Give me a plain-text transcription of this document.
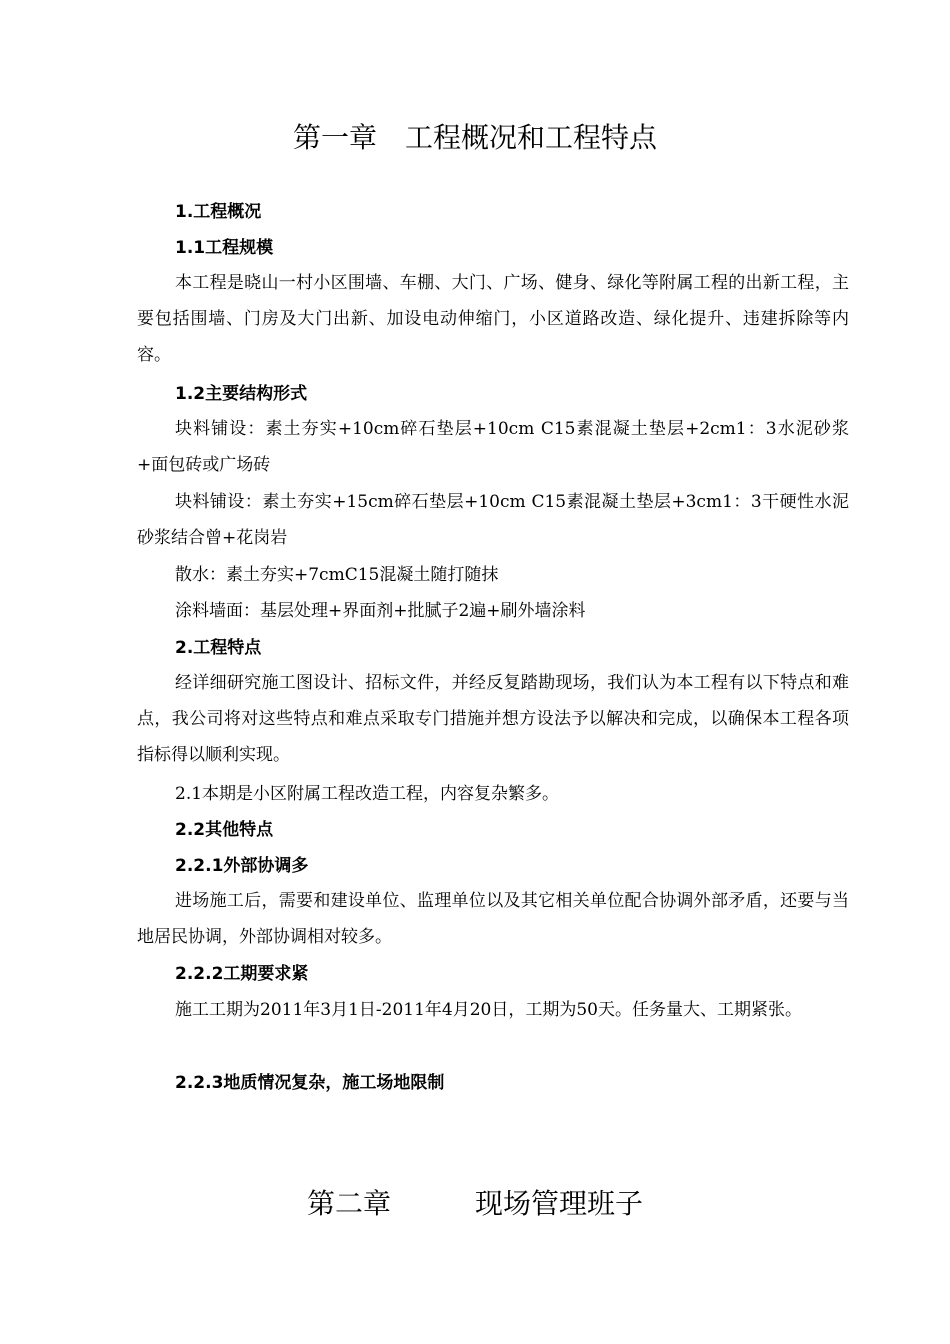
第一章　工程概况和工程特点
1.工程概况
1.1工程规模

本工程是晓山一村小区围墙、车棚、大门、广场、健身、绿化等附属工程的出新工程，主要包括围墙、门房及大门出新、加设电动伸缩门，小区道路改造、绿化提升、违建拆除等内容。

1.2主要结构形式

块料铺设：素土夯实+10cm碎石垫层+10cm C15素混凝土垫层+2cm1：3水泥砂浆+面包砖或广场砖

块料铺设：素土夯实+15cm碎石垫层+10cm C15素混凝土垫层+3cm1：3干硬性水泥砂浆结合曾+花岗岩

散水：素土夯实+7cmC15混凝土随打随抹
涂料墙面：基层处理+界面剂+批腻子2遍+刷外墙涂料
2.工程特点

经详细研究施工图设计、招标文件，并经反复踏勘现场，我们认为本工程有以下特点和难点，我公司将对这些特点和难点采取专门措施并想方设法予以解决和完成，以确保本工程各项指标得以顺利实现。

2.1本期是小区附属工程改造工程，内容复杂繁多。
2.2其他特点
2.2.1外部协调多

进场施工后，需要和建设单位、监理单位以及其它相关单位配合协调外部矛盾，还要与当地居民协调，外部协调相对较多。

2.2.2工期要求紧

施工工期为2011年3月1日-2011年4月20日，工期为50天。任务量大、工期紧张。

2.2.3地质情况复杂，施工场地限制
第二章　　　现场管理班子
